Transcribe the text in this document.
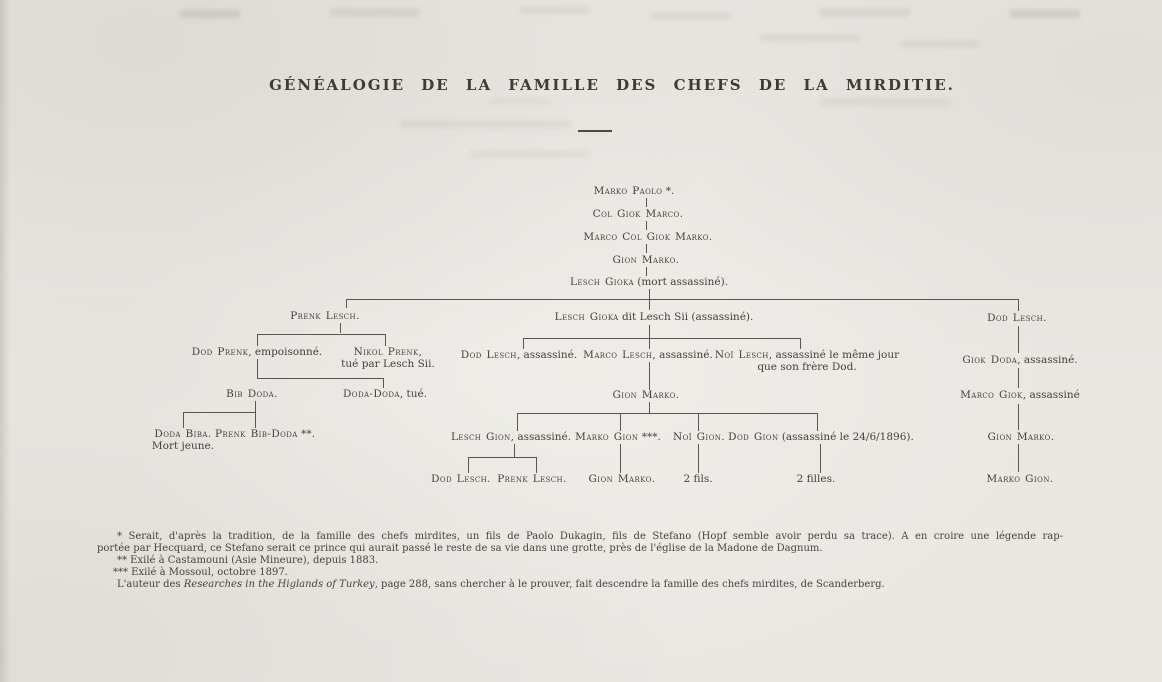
GÉNÉALOGIE DE LA FAMILLE DES CHEFS DE LA MIRDITIE.
Marko Paolo *.
Col Giok Marco.
Marco Col Giok Marko.
Gion Marko.
Lesch Gioka (mort assassiné).
Prenk Lesch.	Lesch Gioka dit Lesch Sii (assassiné).	Dod Lesch.
Dod Prenk, empoisonné.	Nikol Prenk,
tué par Lesch Sii.
Bib Doda.	Doda-Doda, tué.
Doda Biba.
Mort jeune.
Prenk Bib-Doda **.
Dod Lesch, assassiné. Marco Lesch, assassiné. Noï Lesch, assassiné le même jour
que son frère Dod.
Gion Marko.
Lesch Gion, assassiné. Marko Gion ***. Noï Gion. Dod Gion (assassiné le 24/6/1896).
Dod Lesch. Prenk Lesch. Gion Marko.	2 fils.	2 filles.
Giok Doda, assassiné.
Marco Giok, assassiné
Gion Marko.
Marko Gion.
* Serait, d'après la tradition, de la famille des chefs mirdites, un fils de Paolo Dukagin, fils de Stefano (Hopf semble avoir perdu sa trace). A en croire une légende rap-
portée par Hecquard, ce Stefano serait ce prince qui aurait passé le reste de sa vie dans une grotte, près de l'église de la Madone de Dagnum.
** Exilé à Castamouni (Asie Mineure), depuis 1883.
*** Exilé à Mossoul, octobre 1897.
L'auteur des Researches in the Higlands of Turkey, page 288, sans chercher à le prouver, fait descendre la famille des chefs mirdites, de Scanderberg.
